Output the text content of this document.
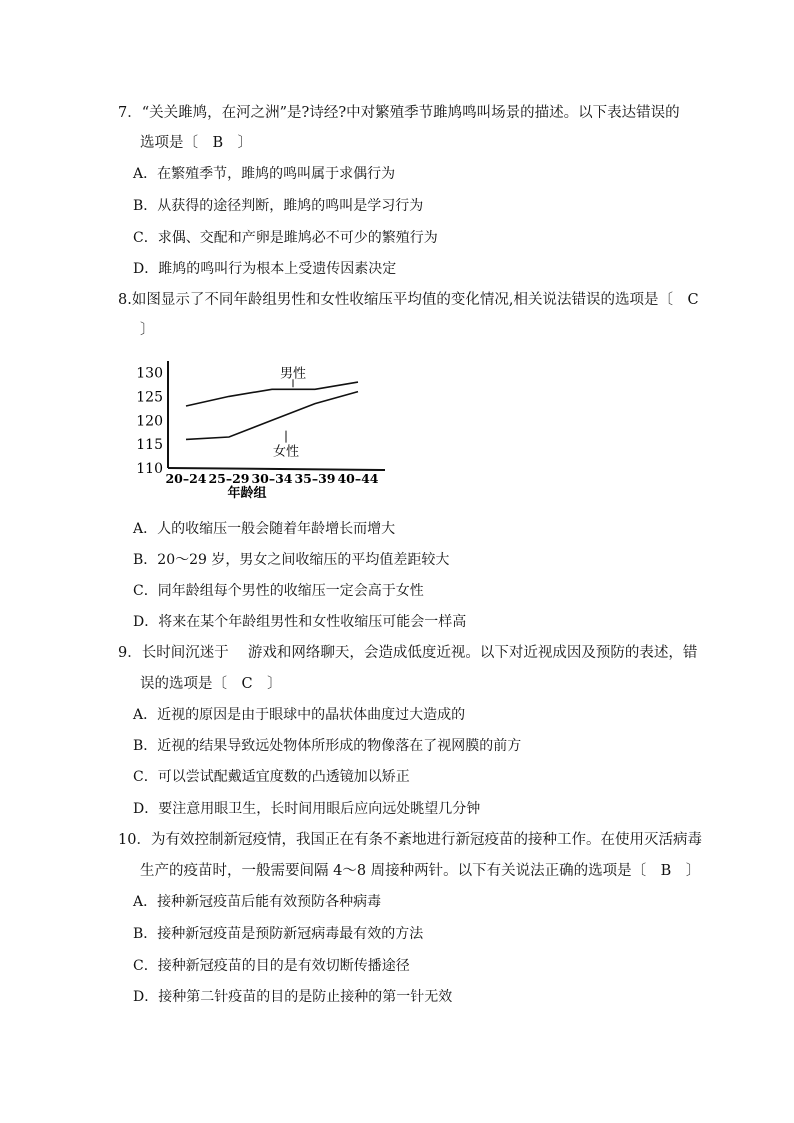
7．“关关雎鸠，在河之洲”是?诗经?中对繁殖季节雎鸠鸣叫场景的描述。以下表达错误的
选项是〔　B　〕
A．在繁殖季节，雎鸠的鸣叫属于求偶行为
B．从获得的途径判断，雎鸠的鸣叫是学习行为
C．求偶、交配和产卵是雎鸠必不可少的繁殖行为
D．雎鸠的鸣叫行为根本上受遗传因素决定
8.如图显示了不同年龄组男性和女性收缩压平均值的变化情况,相关说法错误的选项是〔　C
〕
130
125
120
115
110
20–24 25–29 30–34 35–39 40–44
男性
女性
年龄组
A．人的收缩压一般会随着年龄增长而增大
B．20～29 岁，男女之间收缩压的平均值差距较大
C．同年龄组每个男性的收缩压一定会高于女性
D．将来在某个年龄组男性和女性收缩压可能会一样高
9．长时间沉迷于　 游戏和网络聊天，会造成低度近视。以下对近视成因及预防的表述，错
误的选项是〔　C　〕
A．近视的原因是由于眼球中的晶状体曲度过大造成的
B．近视的结果导致远处物体所形成的物像落在了视网膜的前方
C．可以尝试配戴适宜度数的凸透镜加以矫正
D．要注意用眼卫生，长时间用眼后应向远处眺望几分钟
10．为有效控制新冠疫情，我国正在有条不紊地进行新冠疫苗的接种工作。在使用灭活病毒
生产的疫苗时，一般需要间隔 4～8 周接种两针。以下有关说法正确的选项是〔　B　〕
A．接种新冠疫苗后能有效预防各种病毒
B．接种新冠疫苗是预防新冠病毒最有效的方法
C．接种新冠疫苗的目的是有效切断传播途径
D．接种第二针疫苗的目的是防止接种的第一针无效
